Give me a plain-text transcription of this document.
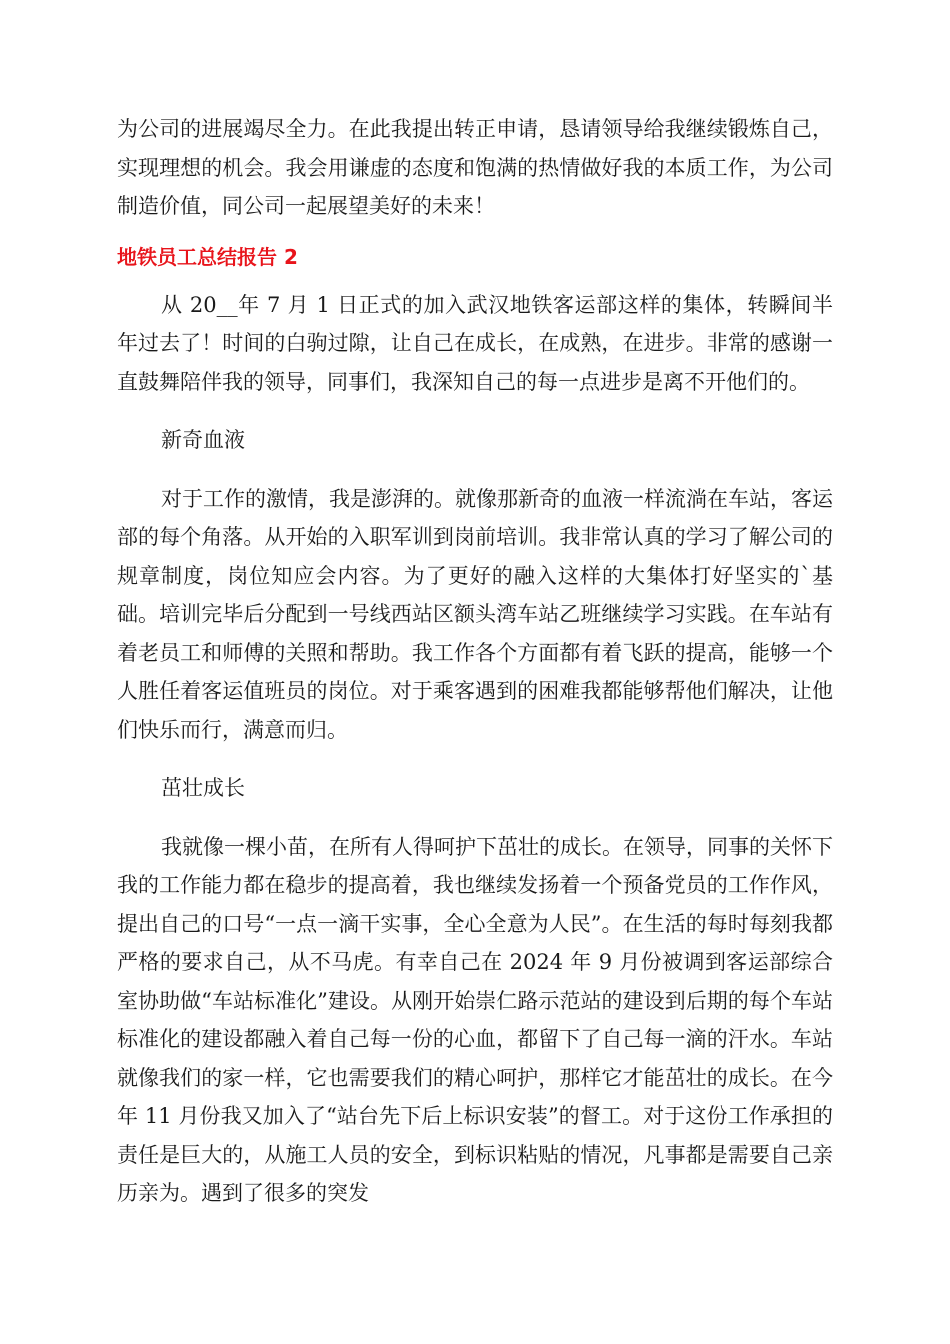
为公司的进展竭尽全力。在此我提出转正申请，恳请领导给我继续锻炼自己，实现理想的机会。我会用谦虚的态度和饱满的热情做好我的本质工作，为公司制造价值，同公司一起展望美好的未来！

地铁员工总结报告 2

从 20__年 7 月 1 日正式的加入武汉地铁客运部这样的集体，转瞬间半年过去了！时间的白驹过隙，让自己在成长，在成熟，在进步。非常的感谢一直鼓舞陪伴我的领导，同事们，我深知自己的每一点进步是离不开他们的。

新奇血液

对于工作的激情，我是澎湃的。就像那新奇的血液一样流淌在车站，客运部的每个角落。从开始的入职军训到岗前培训。我非常认真的学习了解公司的规章制度，岗位知应会内容。为了更好的融入这样的大集体打好坚实的`基础。培训完毕后分配到一号线西站区额头湾车站乙班继续学习实践。在车站有着老员工和师傅的关照和帮助。我工作各个方面都有着飞跃的提高，能够一个人胜任着客运值班员的岗位。对于乘客遇到的困难我都能够帮他们解决，让他们快乐而行，满意而归。

茁壮成长

我就像一棵小苗，在所有人得呵护下茁壮的成长。在领导，同事的关怀下我的工作能力都在稳步的提高着，我也继续发扬着一个预备党员的工作作风，提出自己的口号“一点一滴干实事，全心全意为人民”。在生活的每时每刻我都严格的要求自己，从不马虎。有幸自己在 2024 年 9 月份被调到客运部综合室协助做“车站标准化”建设。从刚开始崇仁路示范站的建设到后期的每个车站标准化的建设都融入着自己每一份的心血，都留下了自己每一滴的汗水。车站就像我们的家一样，它也需要我们的精心呵护，那样它才能茁壮的成长。在今年 11 月份我又加入了“站台先下后上标识安装”的督工。对于这份工作承担的责任是巨大的，从施工人员的安全，到标识粘贴的情况，凡事都是需要自己亲历亲为。遇到了很多的突发
